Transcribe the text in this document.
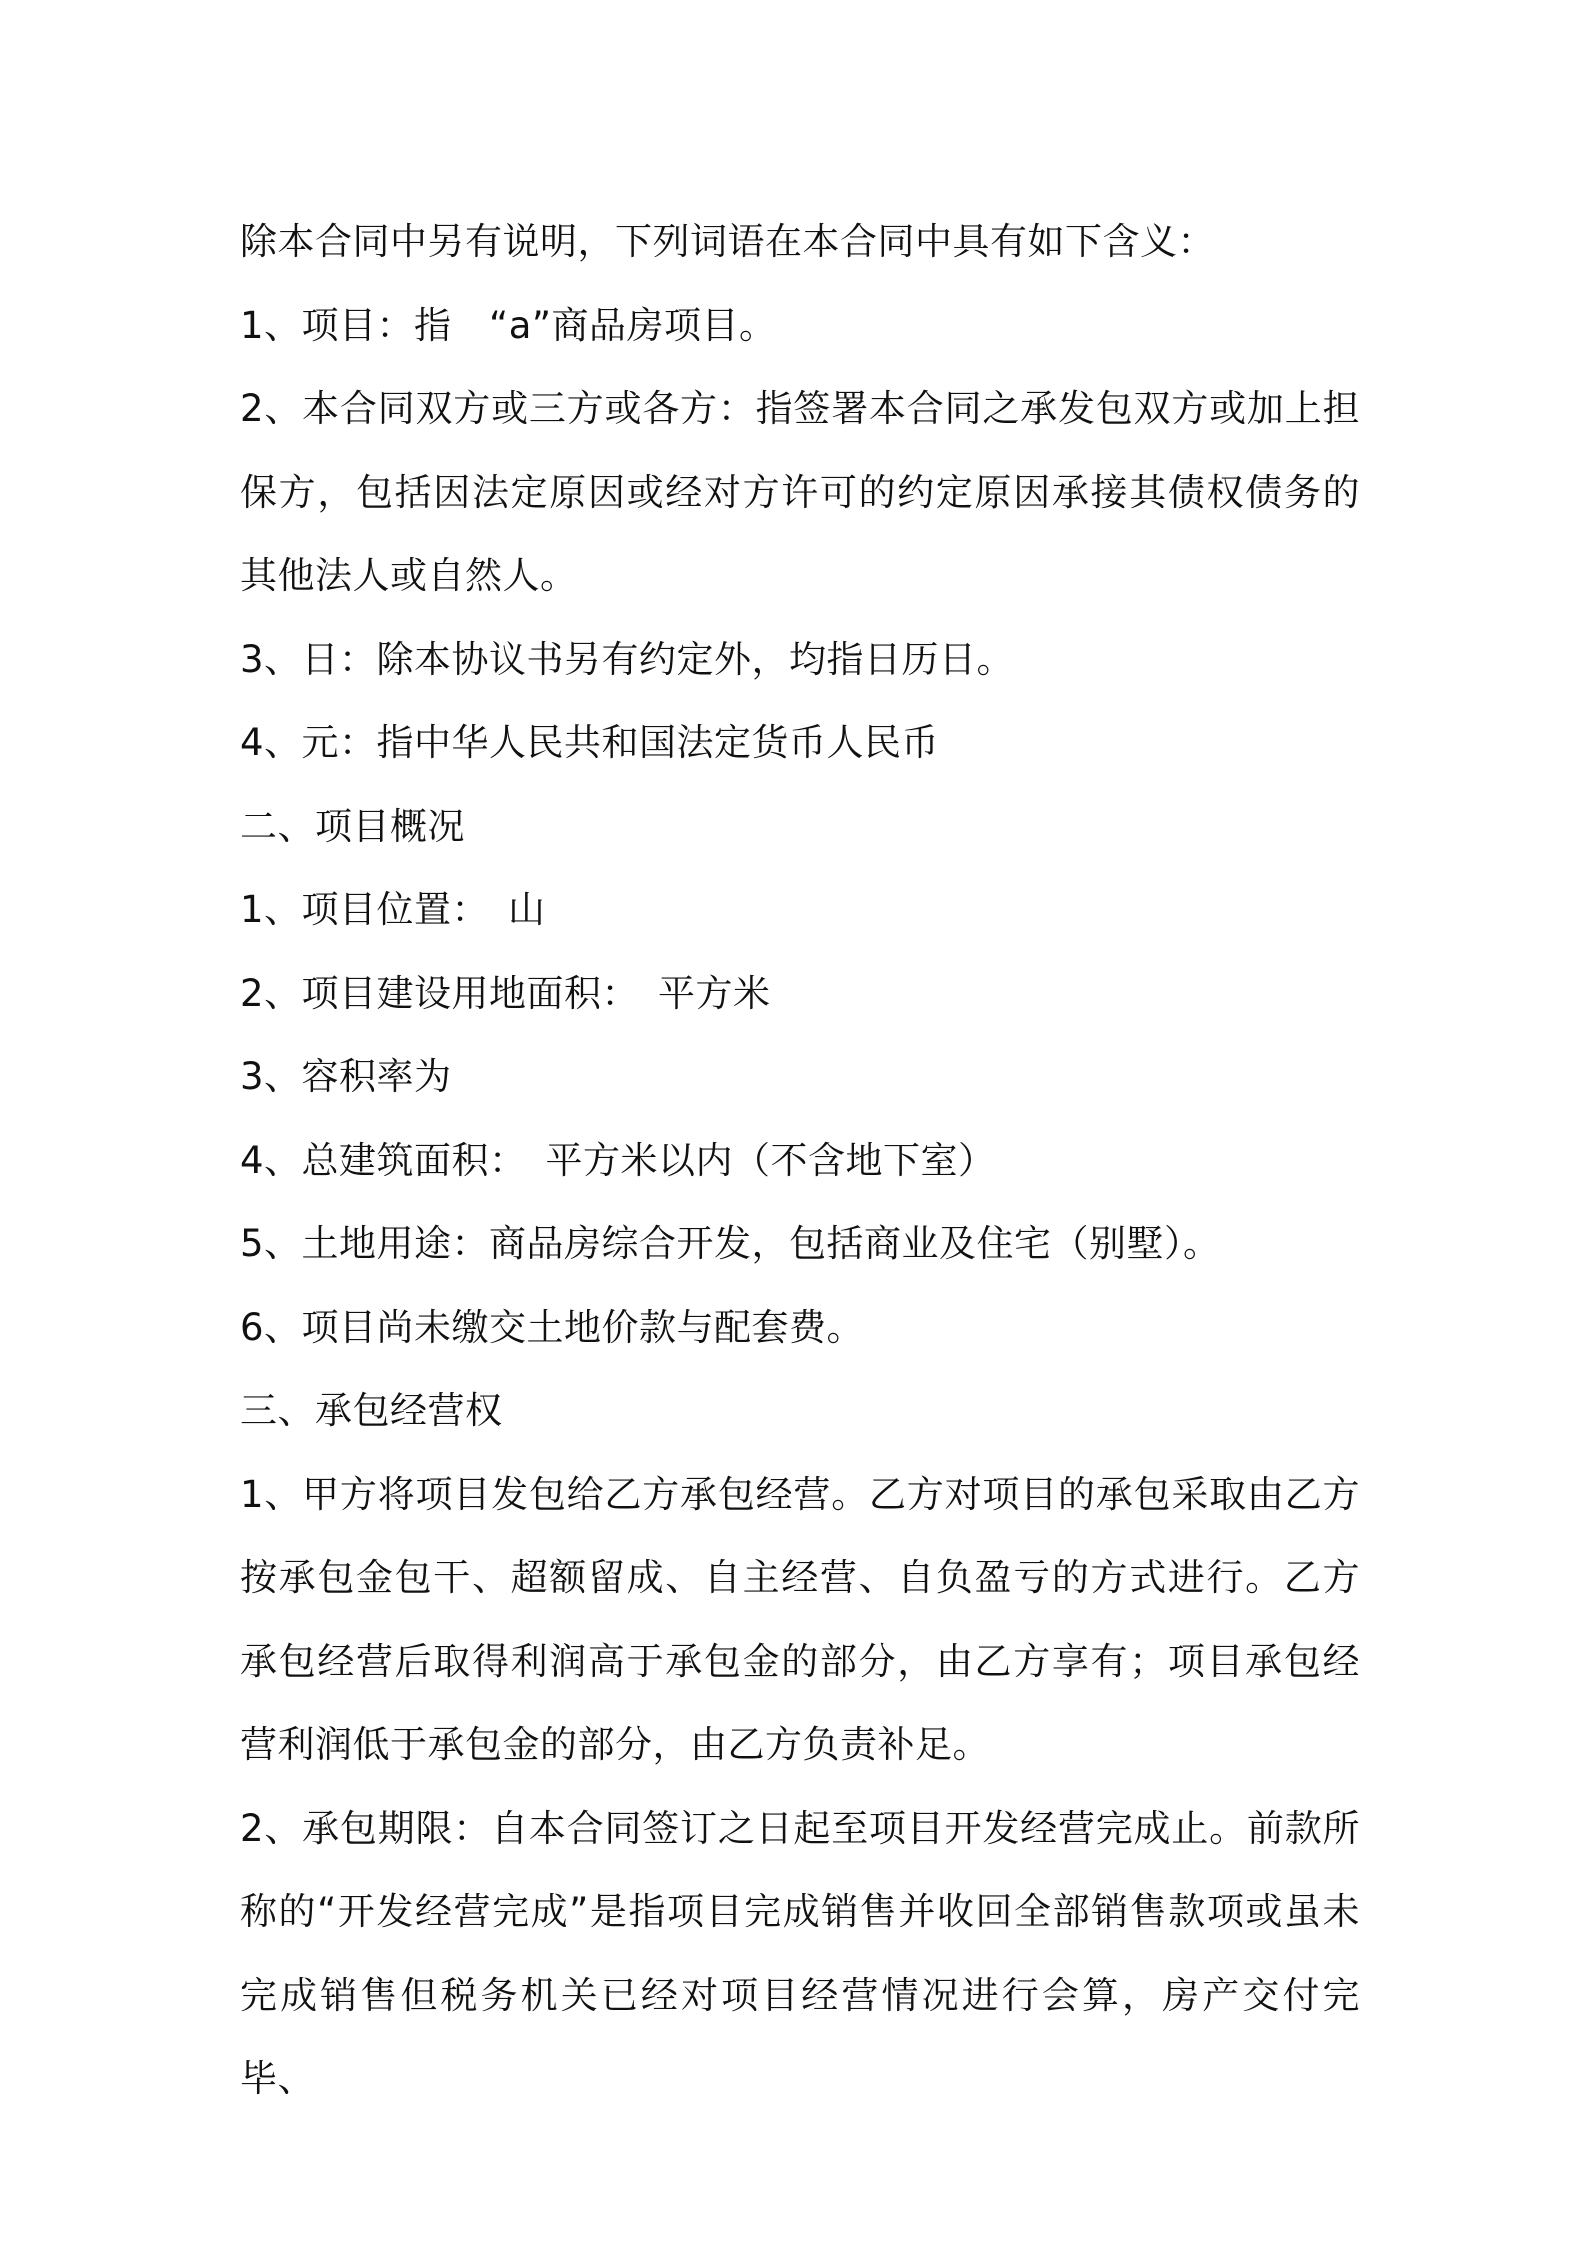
除本合同中另有说明，下列词语在本合同中具有如下含义：

1、项目：指　“a”商品房项目。

2、本合同双方或三方或各方：指签署本合同之承发包双方或加上担保方，包括因法定原因或经对方许可的约定原因承接其债权债务的其他法人或自然人。

3、日：除本协议书另有约定外，均指日历日。

4、元：指中华人民共和国法定货币人民币

二、项目概况

1、项目位置：　山

2、项目建设用地面积：　平方米

3、容积率为

4、总建筑面积：　平方米以内（不含地下室）

5、土地用途：商品房综合开发，包括商业及住宅（别墅）。

6、项目尚未缴交土地价款与配套费。

三、承包经营权

1、甲方将项目发包给乙方承包经营。乙方对项目的承包采取由乙方按承包金包干、超额留成、自主经营、自负盈亏的方式进行。乙方承包经营后取得利润高于承包金的部分，由乙方享有；项目承包经营利润低于承包金的部分，由乙方负责补足。

2、承包期限：自本合同签订之日起至项目开发经营完成止。前款所称的“开发经营完成”是指项目完成销售并收回全部销售款项或虽未完成销售但税务机关已经对项目经营情况进行会算，房产交付完毕、
